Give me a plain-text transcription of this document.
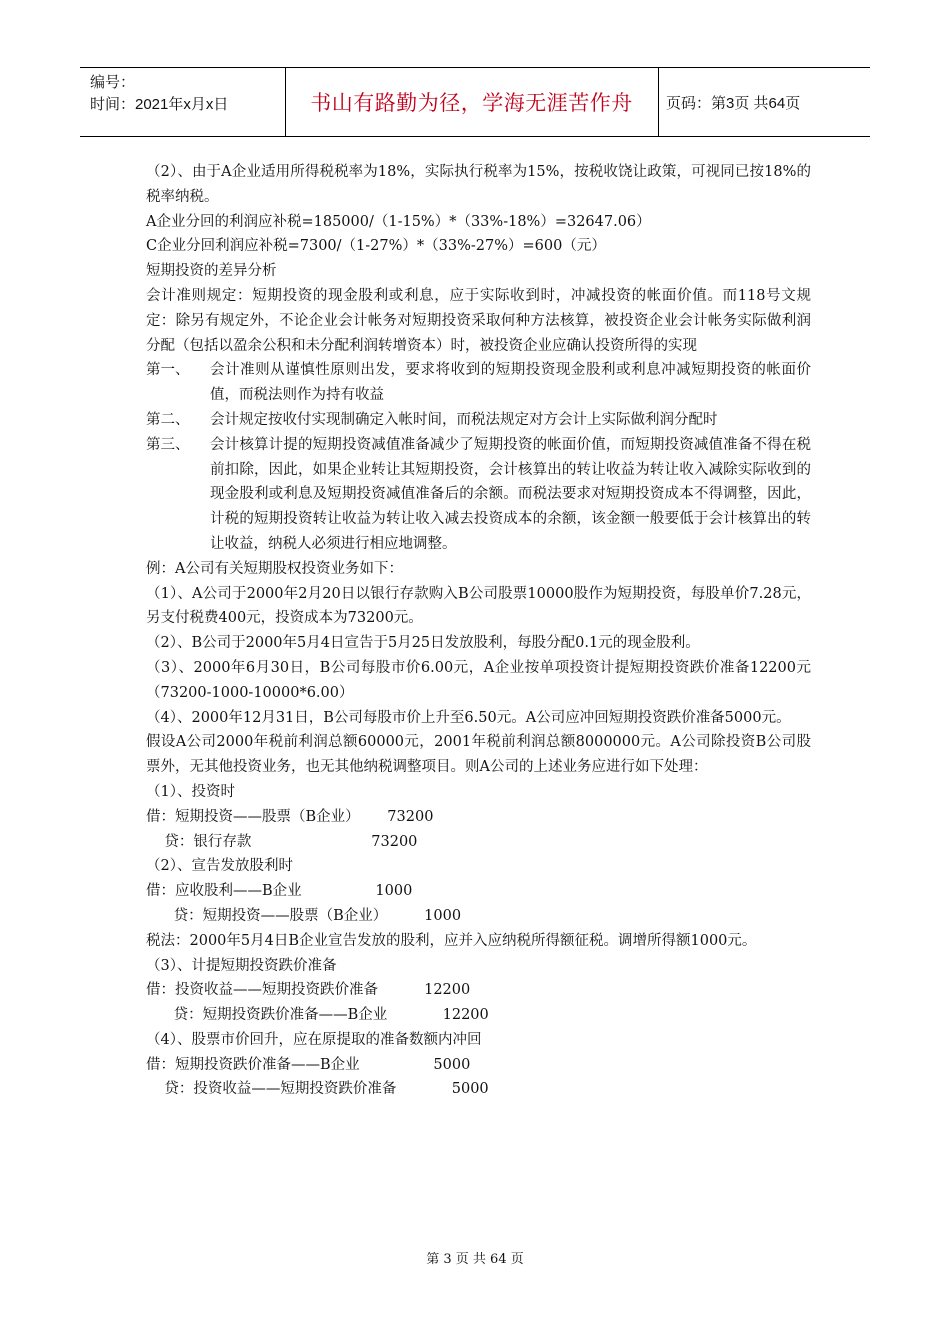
编号：
时间：2021年x月x日	书山有路勤为径，学海无涯苦作舟	页码：第3页 共64页

（2）、由于A企业适用所得税税率为18%，实际执行税率为15%，按税收饶让政策，可视同已按18%的税率纳税。

A企业分回的利润应补税=185000/（1-15%）*（33%-18%）=32647.06）

C企业分回利润应补税=7300/（1-27%）*（33%-27%）=600（元）

短期投资的差异分析

会计准则规定：短期投资的现金股利或利息，应于实际收到时，冲减投资的帐面价值。而118号文规定：除另有规定外，不论企业会计帐务对短期投资采取何种方法核算，被投资企业会计帐务实际做利润分配（包括以盈余公积和未分配利润转增资本）时，被投资企业应确认投资所得的实现

第一、	会计准则从谨慎性原则出发，要求将收到的短期投资现金股利或利息冲减短期投资的帐面价值，而税法则作为持有收益
第二、	会计规定按收付实现制确定入帐时间，而税法规定对方会计上实际做利润分配时
第三、	会计核算计提的短期投资减值准备减少了短期投资的帐面价值，而短期投资减值准备不得在税前扣除，因此，如果企业转让其短期投资，会计核算出的转让收益为转让收入减除实际收到的现金股利或利息及短期投资减值准备后的余额。而税法要求对短期投资成本不得调整，因此，计税的短期投资转让收益为转让收入减去投资成本的余额，该金额一般要低于会计核算出的转让收益，纳税人必须进行相应地调整。

例：A公司有关短期股权投资业务如下：

（1）、A公司于2000年2月20日以银行存款购入B公司股票10000股作为短期投资，每股单价7.28元，另支付税费400元，投资成本为73200元。

（2）、B公司于2000年5月4日宣告于5月25日发放股利，每股分配0.1元的现金股利。

（3）、2000年6月30日，B公司每股市价6.00元，A企业按单项投资计提短期投资跌价准备12200元（73200-1000-10000*6.00）

（4）、2000年12月31日，B公司每股市价上升至6.50元。A公司应冲回短期投资跌价准备5000元。

假设A公司2000年税前利润总额60000元，2001年税前利润总额8000000元。A公司除投资B公司股票外，无其他投资业务，也无其他纳税调整项目。则A公司的上述业务应进行如下处理：

（1）、投资时

借：短期投资——股票（B企业）      73200

贷：银行存款                          73200

（2）、宣告发放股利时

借：应收股利——B企业                1000

贷：短期投资——股票（B企业）        1000

税法：2000年5月4日B企业宣告发放的股利，应并入应纳税所得额征税。调增所得额1000元。

（3）、计提短期投资跌价准备

借：投资收益——短期投资跌价准备          12200

贷：短期投资跌价准备——B企业            12200

（4）、股票市价回升，应在原提取的准备数额内冲回

借：短期投资跌价准备——B企业                5000

贷：投资收益——短期投资跌价准备            5000

第 3 页 共 64 页
